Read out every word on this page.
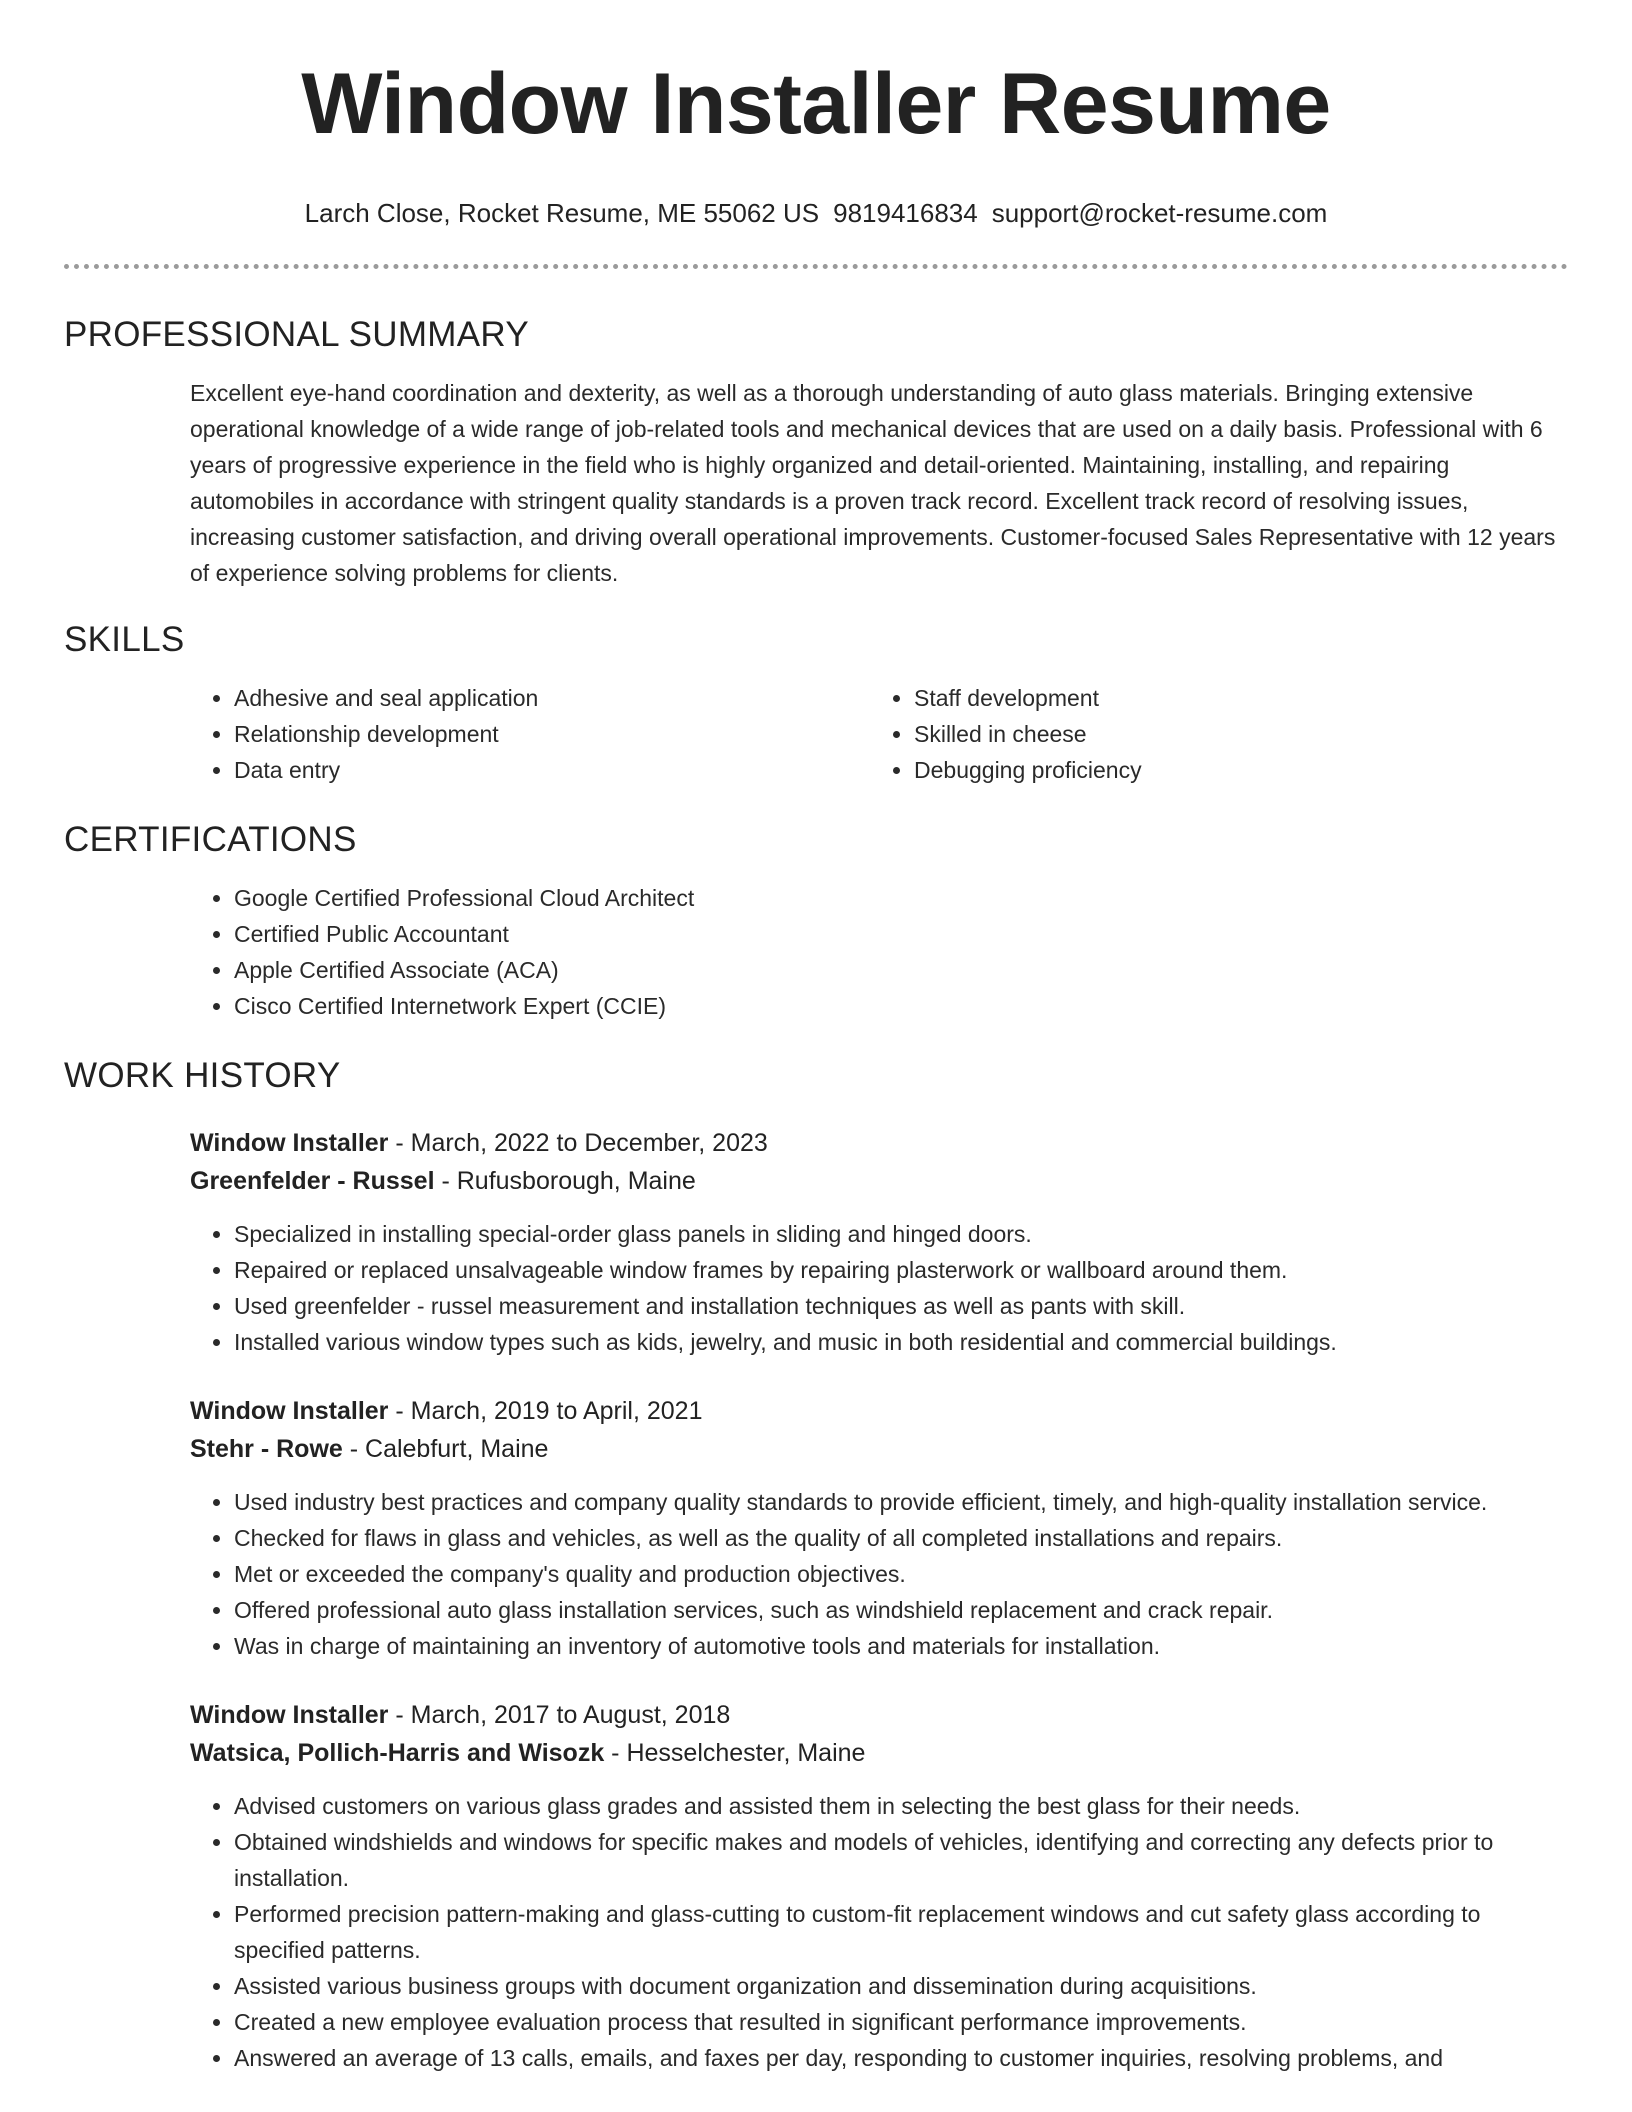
Window Installer Resume
Larch Close, Rocket Resume, ME 55062 US 9819416834 support@rocket-resume.com
PROFESSIONAL SUMMARY

Excellent eye-hand coordination and dexterity, as well as a thorough understanding of auto glass materials. Bringing extensive operational knowledge of a wide range of job-related tools and mechanical devices that are used on a daily basis. Professional with 6 years of progressive experience in the field who is highly organized and detail-oriented. Maintaining, installing, and repairing automobiles in accordance with stringent quality standards is a proven track record. Excellent track record of resolving issues, increasing customer satisfaction, and driving overall operational improvements. Customer-focused Sales Representative with 12 years of experience solving problems for clients.

SKILLS
• Adhesive and seal application
• Relationship development
• Data entry
• Staff development
• Skilled in cheese
• Debugging proficiency
CERTIFICATIONS
• Google Certified Professional Cloud Architect
• Certified Public Accountant
• Apple Certified Associate (ACA)
• Cisco Certified Internetwork Expert (CCIE)
WORK HISTORY
Window Installer - March, 2022 to December, 2023
Greenfelder - Russel - Rufusborough, Maine
• Specialized in installing special-order glass panels in sliding and hinged doors.
• Repaired or replaced unsalvageable window frames by repairing plasterwork or wallboard around them.
• Used greenfelder - russel measurement and installation techniques as well as pants with skill.
• Installed various window types such as kids, jewelry, and music in both residential and commercial buildings.
Window Installer - March, 2019 to April, 2021
Stehr - Rowe - Calebfurt, Maine
• Used industry best practices and company quality standards to provide efficient, timely, and high-quality installation service.
• Checked for flaws in glass and vehicles, as well as the quality of all completed installations and repairs.
• Met or exceeded the company's quality and production objectives.
• Offered professional auto glass installation services, such as windshield replacement and crack repair.
• Was in charge of maintaining an inventory of automotive tools and materials for installation.
Window Installer - March, 2017 to August, 2018
Watsica, Pollich-Harris and Wisozk - Hesselchester, Maine
• Advised customers on various glass grades and assisted them in selecting the best glass for their needs.
• Obtained windshields and windows for specific makes and models of vehicles, identifying and correcting any defects prior to installation.
• Performed precision pattern-making and glass-cutting to custom-fit replacement windows and cut safety glass according to specified patterns.
• Assisted various business groups with document organization and dissemination during acquisitions.
• Created a new employee evaluation process that resulted in significant performance improvements.
• Answered an average of 13 calls, emails, and faxes per day, responding to customer inquiries, resolving problems, and
